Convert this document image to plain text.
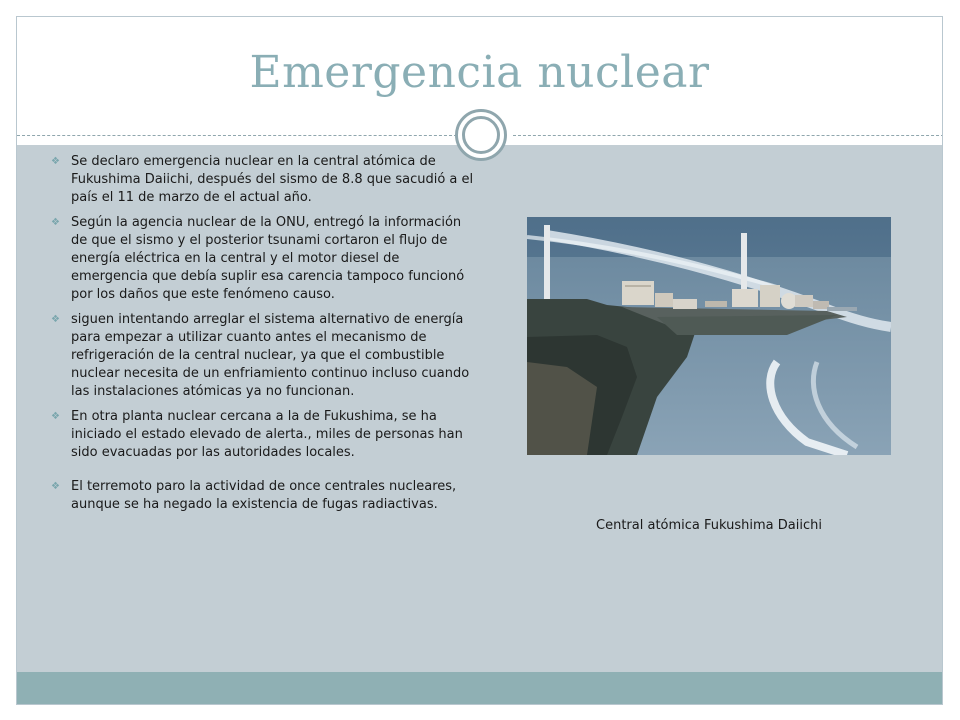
Emergencia nuclear
❖ Se declaro emergencia nuclear en la central atómica de Fukushima Daiichi, después del sismo de 8.8 que sacudió a el país el 11 de marzo de el actual año.
❖ Según la agencia nuclear de la ONU, entregó la información de que el sismo y el posterior tsunami cortaron el flujo de energía eléctrica en la central y el motor diesel de emergencia que debía suplir esa carencia tampoco funcionó por los daños que este fenómeno causo.
❖ siguen intentando arreglar el sistema alternativo de energía para empezar a utilizar cuanto antes el mecanismo de refrigeración de la central nuclear, ya que el combustible nuclear necesita de un enfriamiento continuo incluso cuando las instalaciones atómicas ya no funcionan.
❖ En otra planta nuclear cercana a la de Fukushima, se ha iniciado el estado elevado de alerta., miles de personas han sido evacuadas por las autoridades locales.
❖ El terremoto paro la actividad de once centrales nucleares, aunque se ha negado la existencia de fugas radiactivas.
Central atómica Fukushima Daiichi
